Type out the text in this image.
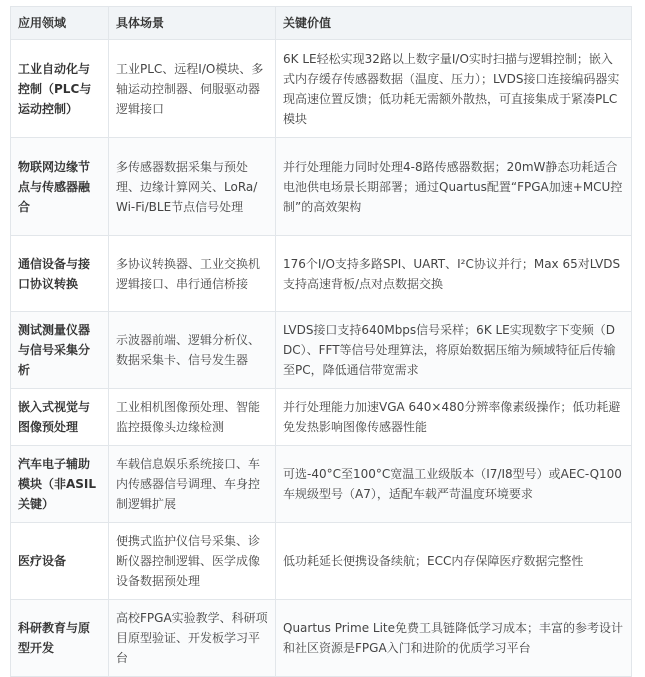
应用领域	具体场景	关键价值
工业自动化与控制（PLC与运动控制）	工业PLC、远程I/O模块、多轴运动控制器、伺服驱动器逻辑接口	6K LE轻松实现32路以上数字量I/O实时扫描与逻辑控制；嵌入式内存缓存传感器数据（温度、压力）；LVDS接口连接编码器实现高速位置反馈；低功耗无需额外散热，可直接集成于紧凑PLC模块
物联网边缘节点与传感器融合	多传感器数据采集与预处理、边缘计算网关、LoRa/Wi-Fi/BLE节点信号处理	并行处理能力同时处理4-8路传感器数据；20mW静态功耗适合电池供电场景长期部署；通过Quartus配置“FPGA加速+MCU控制”的高效架构
通信设备与接口协议转换	多协议转换器、工业交换机逻辑接口、串行通信桥接	176个I/O支持多路SPI、UART、I²C协议并行；Max 65对LVDS支持高速背板/点对点数据交换
测试测量仪器与信号采集分析	示波器前端、逻辑分析仪、数据采集卡、信号发生器	LVDS接口支持640Mbps信号采样；6K LE实现数字下变频（DDC）、FFT等信号处理算法，将原始数据压缩为频域特征后传输至PC，降低通信带宽需求
嵌入式视觉与图像预处理	工业相机图像预处理、智能监控摄像头边缘检测	并行处理能力加速VGA 640×480分辨率像素级操作；低功耗避免发热影响图像传感器性能
汽车电子辅助模块（非ASIL关键）	车载信息娱乐系统接口、车内传感器信号调理、车身控制逻辑扩展	可选-40°C至100°C宽温工业级版本（I7/I8型号）或AEC-Q100车规级型号（A7），适配车载严苛温度环境要求
医疗设备	便携式监护仪信号采集、诊断仪器控制逻辑、医学成像设备数据预处理	低功耗延长便携设备续航；ECC内存保障医疗数据完整性
科研教育与原型开发	高校FPGA实验教学、科研项目原型验证、开发板学习平台	Quartus Prime Lite免费工具链降低学习成本；丰富的参考设计和社区资源是FPGA入门和进阶的优质学习平台
